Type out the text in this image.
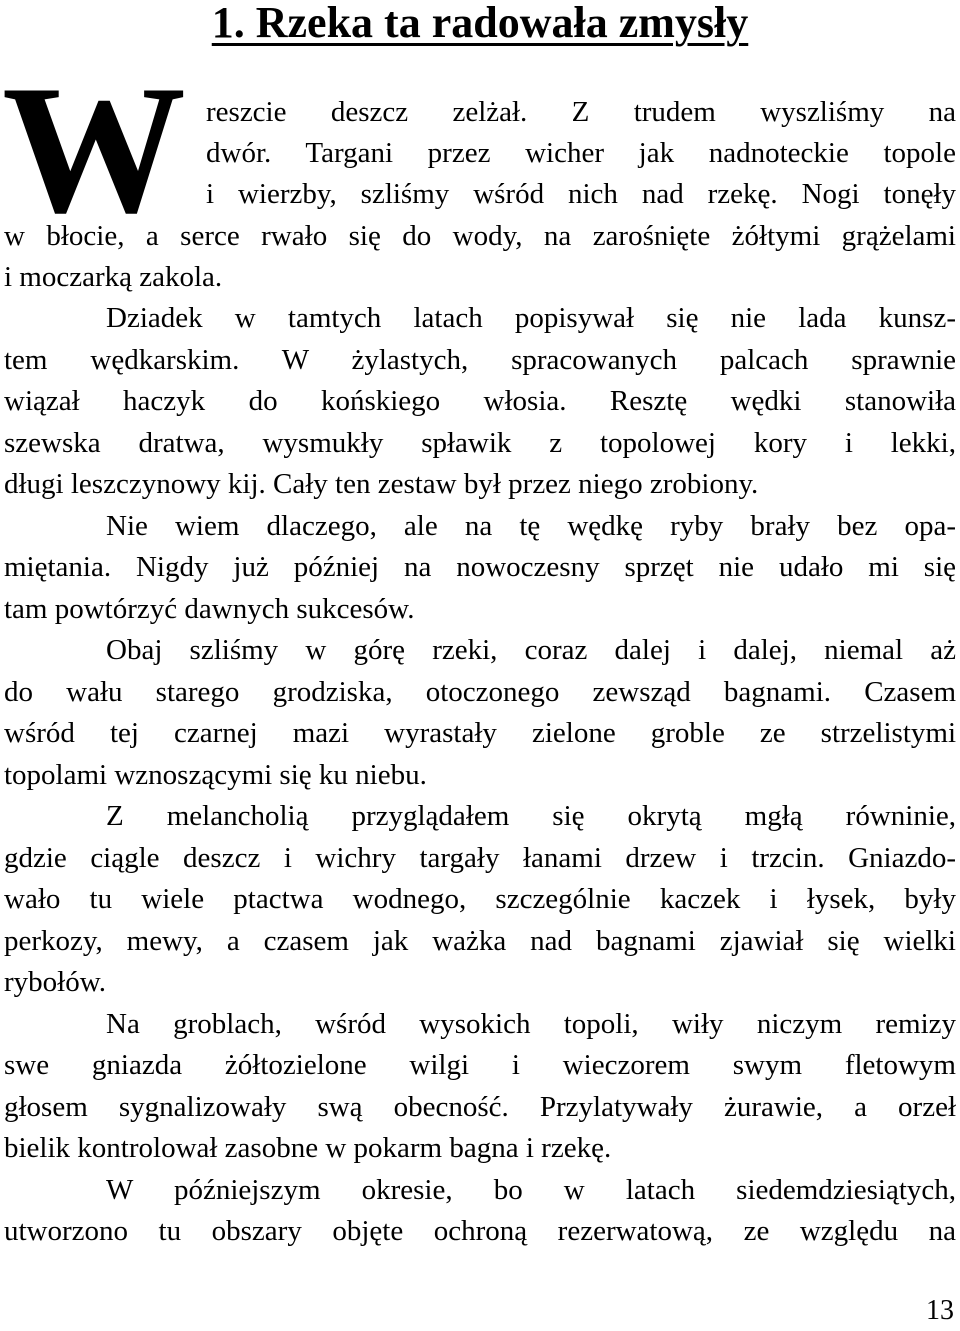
1. Rzeka ta radowała zmysły
W reszcie deszcz zelżał. Z trudem wyszliśmy na
dwór. Targani przez wicher jak nadnoteckie topole
i wierzby, szliśmy wśród nich nad rzekę. Nogi tonęły
w błocie, a serce rwało się do wody, na zarośnięte żółtymi grążelami
i moczarką zakola.
Dziadek w tamtych latach popisywał się nie lada kunsz-
tem wędkarskim. W żylastych, spracowanych palcach sprawnie
wiązał haczyk do końskiego włosia. Resztę wędki stanowiła
szewska dratwa, wysmukły spławik z topolowej kory i lekki,
długi leszczynowy kij. Cały ten zestaw był przez niego zrobiony.
Nie wiem dlaczego, ale na tę wędkę ryby brały bez opa-
miętania. Nigdy już później na nowoczesny sprzęt nie udało mi się
tam powtórzyć dawnych sukcesów.
Obaj szliśmy w górę rzeki, coraz dalej i dalej, niemal aż
do wału starego grodziska, otoczonego zewsząd bagnami. Czasem
wśród tej czarnej mazi wyrastały zielone groble ze strzelistymi
topolami wznoszącymi się ku niebu.
Z melancholią przyglądałem się okrytą mgłą równinie,
gdzie ciągle deszcz i wichry targały łanami drzew i trzcin. Gniazdo-
wało tu wiele ptactwa wodnego, szczególnie kaczek i łysek, były
perkozy, mewy, a czasem jak ważka nad bagnami zjawiał się wielki
rybołów.
Na groblach, wśród wysokich topoli, wiły niczym remizy
swe gniazda żółtozielone wilgi i wieczorem swym fletowym
głosem sygnalizowały swą obecność. Przylatywały żurawie, a orzeł
bielik kontrolował zasobne w pokarm bagna i rzekę.
W późniejszym okresie, bo w latach siedemdziesiątych,
utworzono tu obszary objęte ochroną rezerwatową, ze względu na
13
